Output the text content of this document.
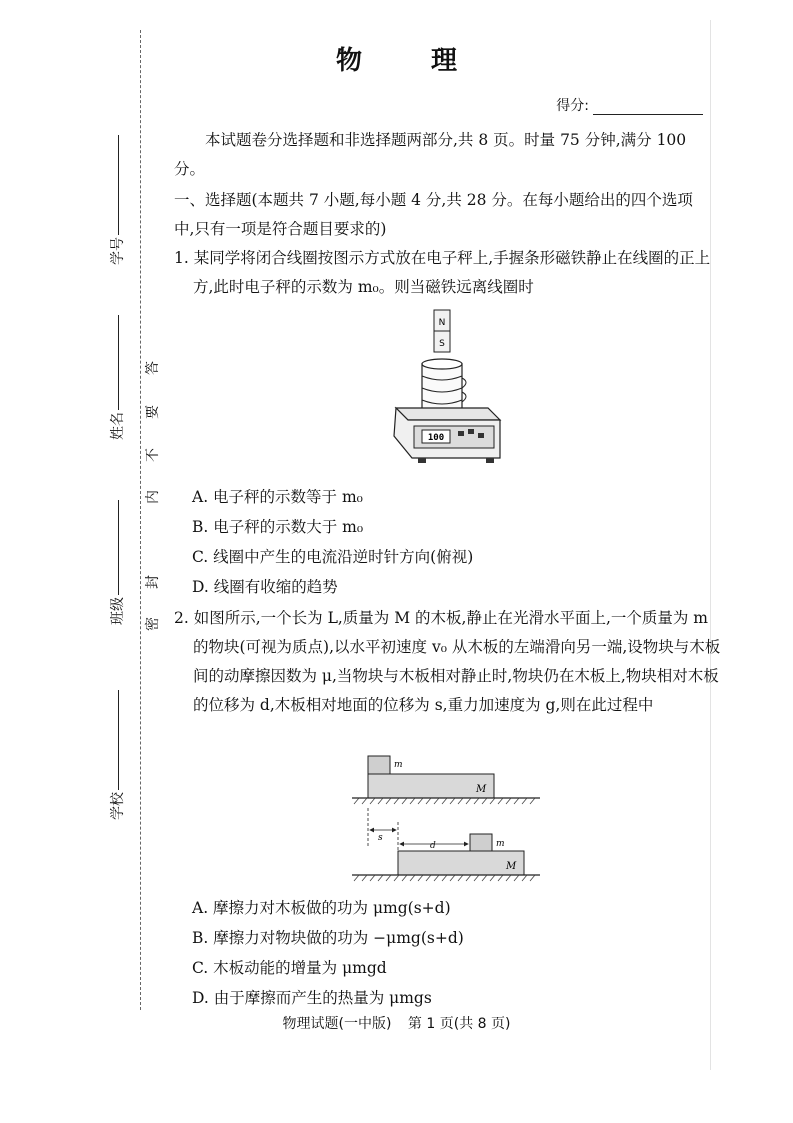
学号
姓名
班级
学校
答
要
不
内
封
密
物 理
得分:
本试题卷分选择题和非选择题两部分,共 8 页。时量 75 分钟,满分 100 分。
一、选择题(本题共 7 小题,每小题 4 分,共 28 分。在每小题给出的四个选项中,只有一项是符合题目要求的)
1. 某同学将闭合线圈按图示方式放在电子秤上,手握条形磁铁静止在线圈的正上方,此时电子秤的示数为 m₀。则当磁铁远离线圈时
N
S
100
A. 电子秤的示数等于 m₀
B. 电子秤的示数大于 m₀
C. 线圈中产生的电流沿逆时针方向(俯视)
D. 线圈有收缩的趋势
2. 如图所示,一个长为 L,质量为 M 的木板,静止在光滑水平面上,一个质量为 m 的物块(可视为质点),以水平初速度 v₀ 从木板的左端滑向另一端,设物块与木板间的动摩擦因数为 μ,当物块与木板相对静止时,物块仍在木板上,物块相对木板的位移为 d,木板相对地面的位移为 s,重力加速度为 g,则在此过程中
m
M
s
d	m
M
A. 摩擦力对木板做的功为 μmg(s+d)
B. 摩擦力对物块做的功为 −μmg(s+d)
C. 木板动能的增量为 μmgd
D. 由于摩擦而产生的热量为 μmgs
物理试题(一中版) 第 1 页(共 8 页)
